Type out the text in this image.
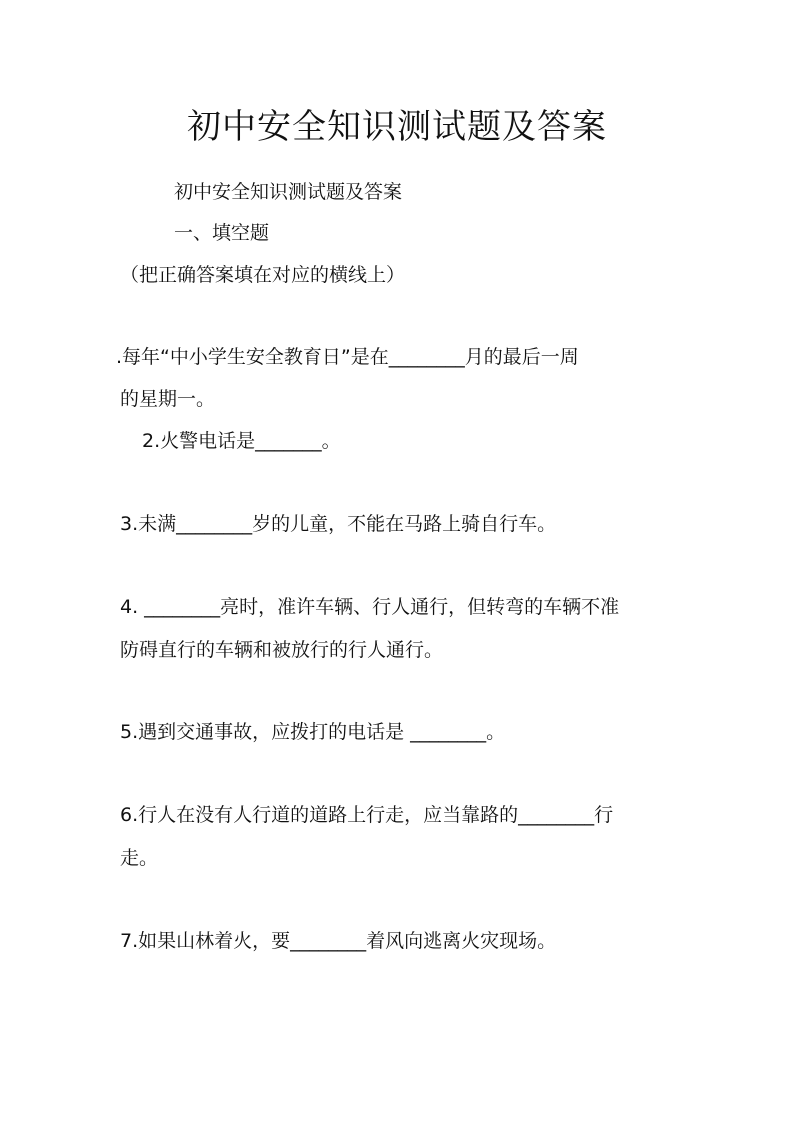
初中安全知识测试题及答案

初中安全知识测试题及答案

一、填空题

（把正确答案填在对应的横线上）

.每年“中小学生安全教育日”是在________月的最后一周

的星期一。

2.火警电话是_______。

3.未满________岁的儿童，不能在马路上骑自行车。

4. ________亮时，准许车辆、行人通行，但转弯的车辆不准

防碍直行的车辆和被放行的行人通行。

5.遇到交通事故，应拨打的电话是 ________。

6.行人在没有人行道的道路上行走，应当靠路的________行

走。

7.如果山林着火，要________着风向逃离火灾现场。
